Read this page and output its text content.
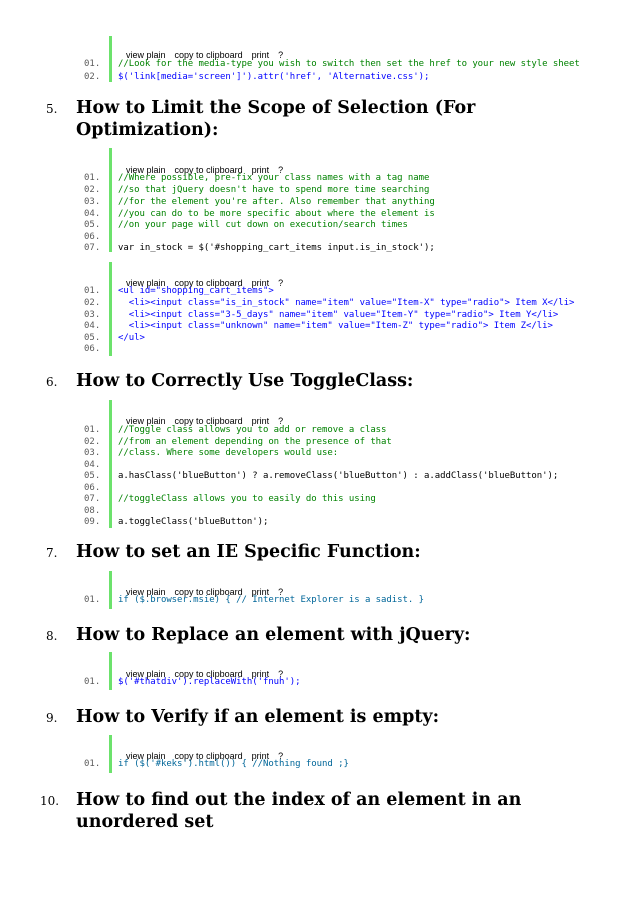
view plain copy to clipboard print ?

01. //Look for the media-type you wish to switch then set the href to your new style sheet
02. $('link[media='screen']').attr('href', 'Alternative.css');
5. How to Limit the Scope of Selection (For
Optimization):

view plain copy to clipboard print ?

01. //Where possible, pre-fix your class names with a tag name
02. //so that jQuery doesn't have to spend more time searching
03. //for the element you're after. Also remember that anything
04. //you can do to be more specific about where the element is
05. //on your page will cut down on execution/search times
06.
07. var in_stock = $('#shopping_cart_items input.is_in_stock');

view plain copy to clipboard print ?

01. <ul id="shopping_cart_items">
02. <li><input class="is_in_stock" name="item" value="Item-X" type="radio"> Item X</li>
03. <li><input class="3-5_days" name="item" value="Item-Y" type="radio"> Item Y</li>
04. <li><input class="unknown" name="item" value="Item-Z" type="radio"> Item Z</li>
05. </ul>
06.
6. How to Correctly Use ToggleClass:

view plain copy to clipboard print ?

01. //Toggle class allows you to add or remove a class
02. //from an element depending on the presence of that
03. //class. Where some developers would use:
04.
05. a.hasClass('blueButton') ? a.removeClass('blueButton') : a.addClass('blueButton');
06.
07. //toggleClass allows you to easily do this using
08.
09. a.toggleClass('blueButton');
7. How to set an IE Specific Function:

view plain copy to clipboard print ?

01. if ($.browser.msie) { // Internet Explorer is a sadist. }
8. How to Replace an element with jQuery:

view plain copy to clipboard print ?

01. $('#thatdiv').replaceWith('fnuh');
9. How to Verify if an element is empty:

view plain copy to clipboard print ?

01. if ($('#keks').html()) { //Nothing found ;}
10. How to find out the index of an element in an
unordered set
